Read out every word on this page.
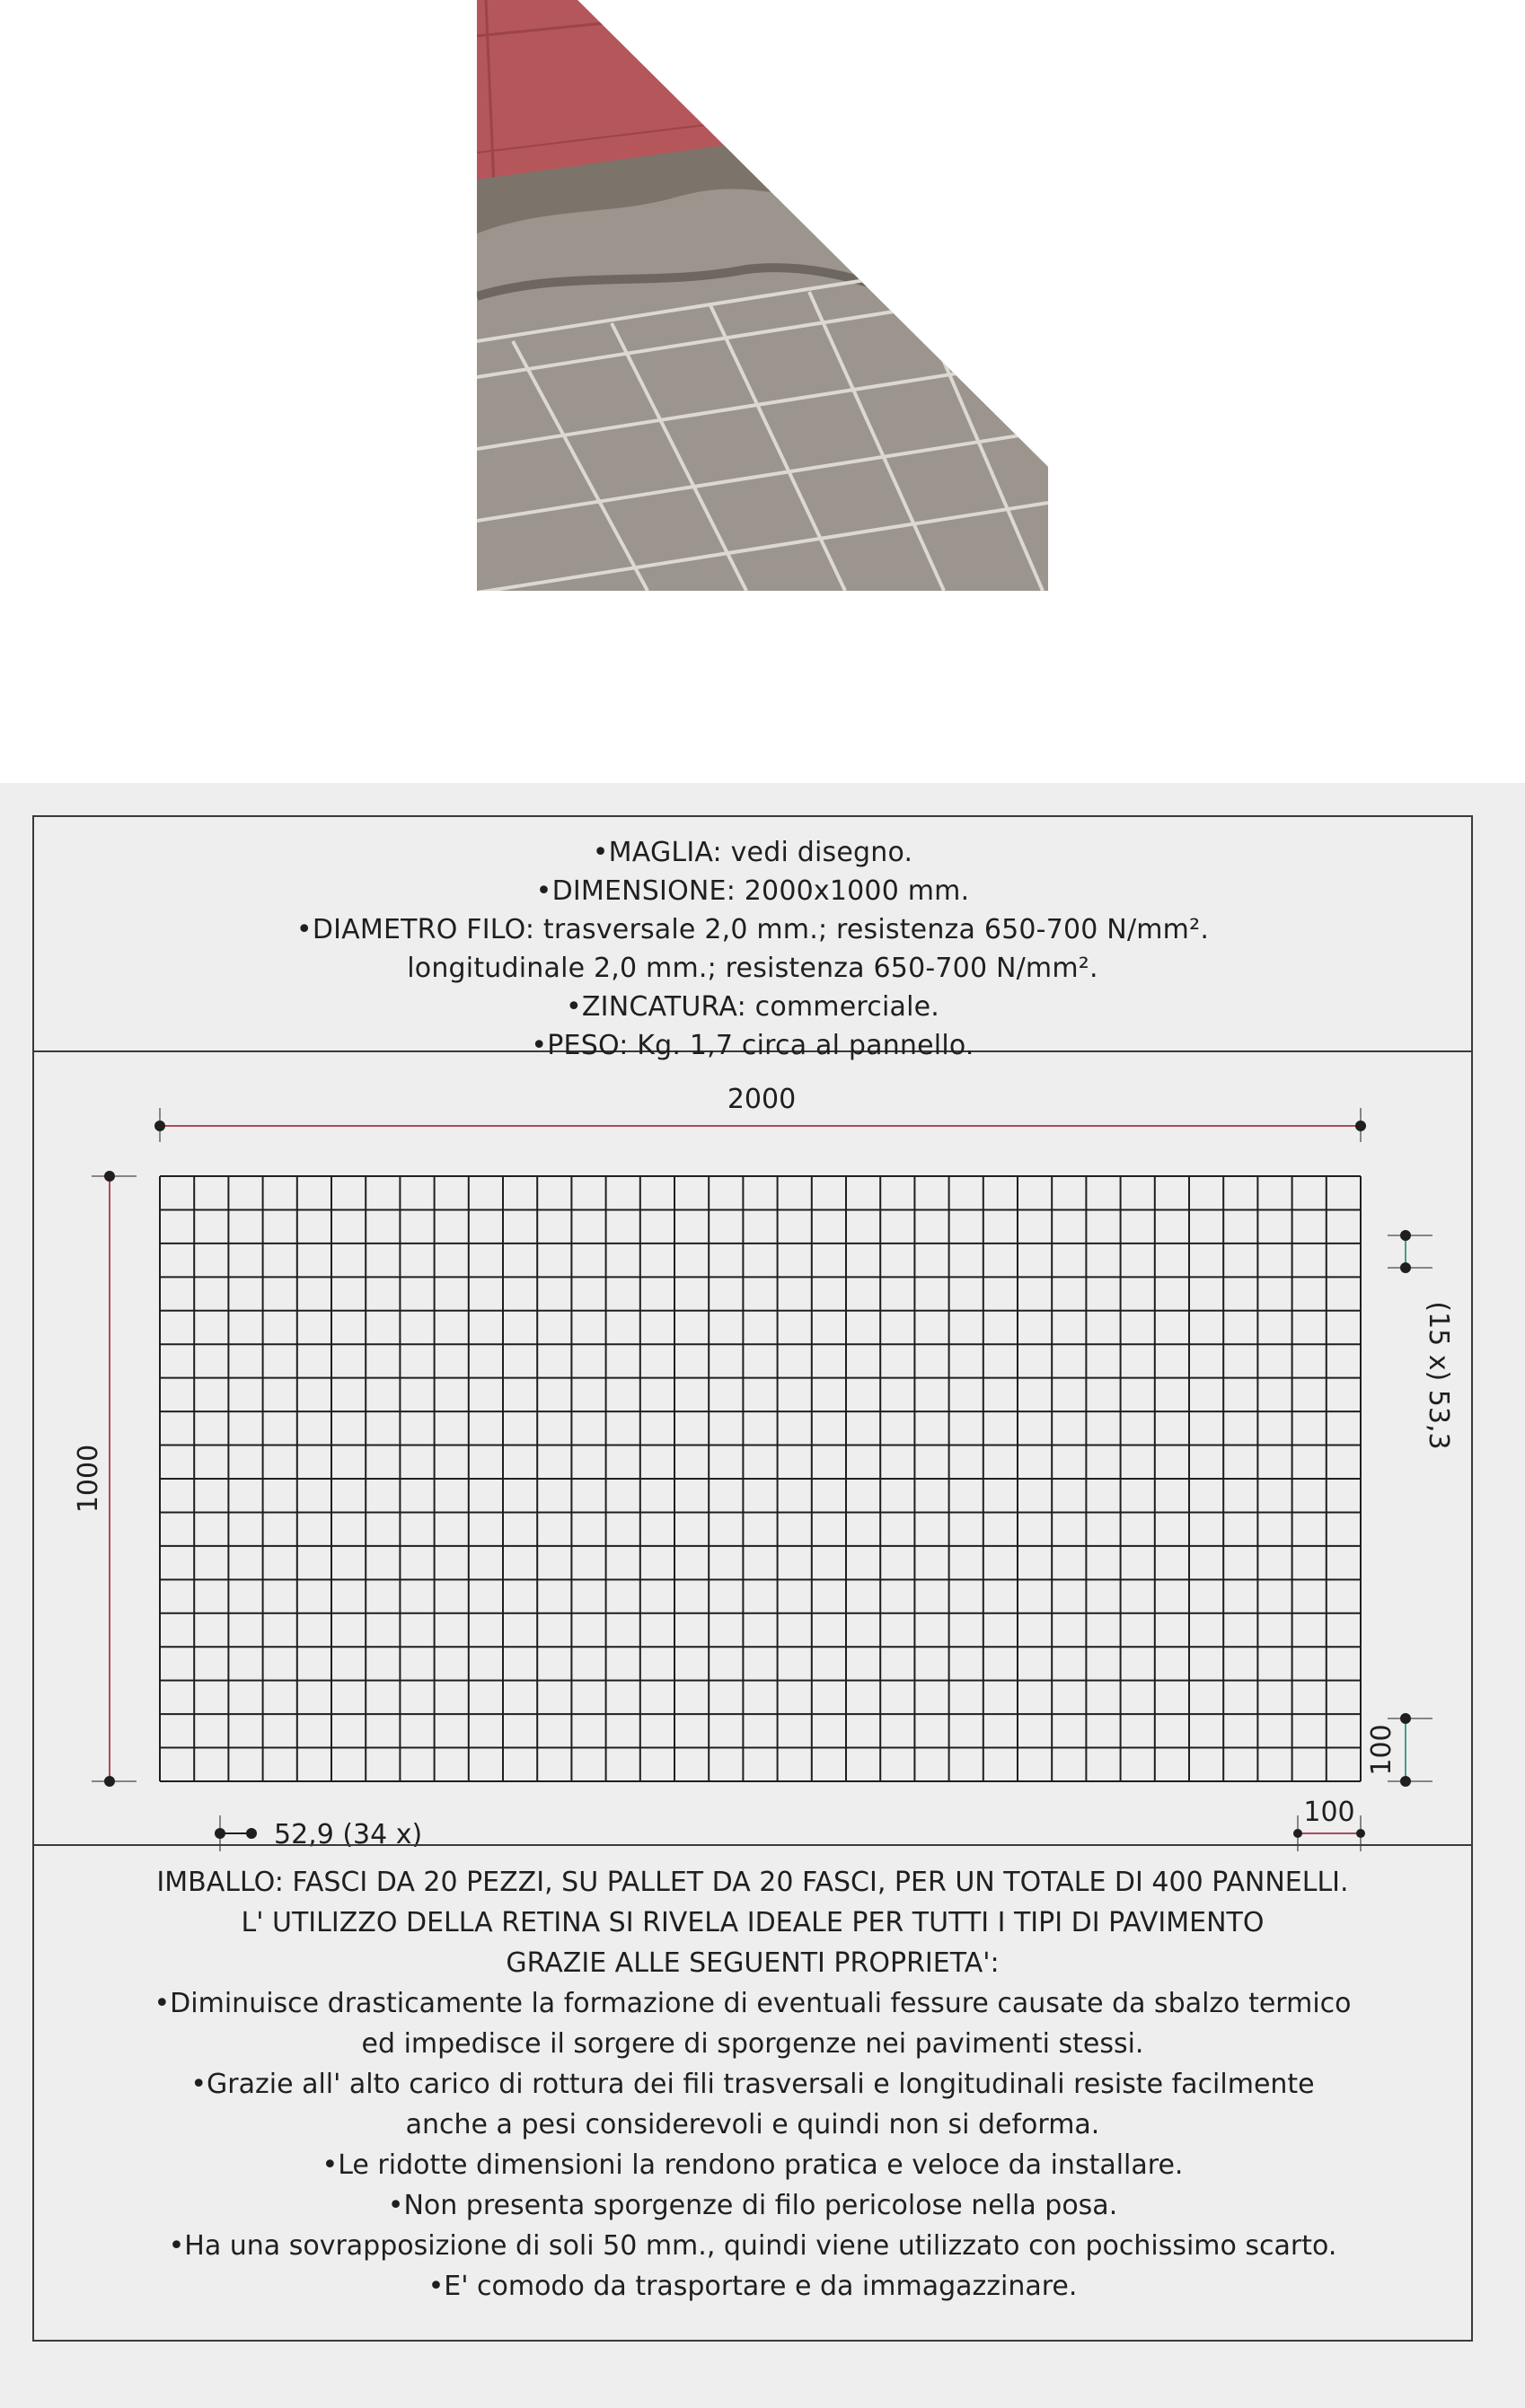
•MAGLIA: vedi disegno.
•DIMENSIONE: 2000x1000 mm.
•DIAMETRO FILO: trasversale 2,0 mm.; resistenza 650-700 N/mm².
longitudinale 2,0 mm.; resistenza 650-700 N/mm².
•ZINCATURA: commerciale.
•PESO: Kg. 1,7 circa al pannello.
2000
1000
(15 x) 53,3
52,9 (34 x)
100
100
IMBALLO: FASCI DA 20 PEZZI, SU PALLET DA 20 FASCI, PER UN TOTALE DI 400 PANNELLI.
L' UTILIZZO DELLA RETINA SI RIVELA IDEALE PER TUTTI I TIPI DI PAVIMENTO
GRAZIE ALLE SEGUENTI PROPRIETA':
•Diminuisce drasticamente la formazione di eventuali fessure causate da sbalzo termico
ed impedisce il sorgere di sporgenze nei pavimenti stessi.
•Grazie all' alto carico di rottura dei fili trasversali e longitudinali resiste facilmente
anche a pesi considerevoli e quindi non si deforma.
•Le ridotte dimensioni la rendono pratica e veloce da installare.
•Non presenta sporgenze di filo pericolose nella posa.
•Ha una sovrapposizione di soli 50 mm., quindi viene utilizzato con pochissimo scarto.
•E' comodo da trasportare e da immagazzinare.
